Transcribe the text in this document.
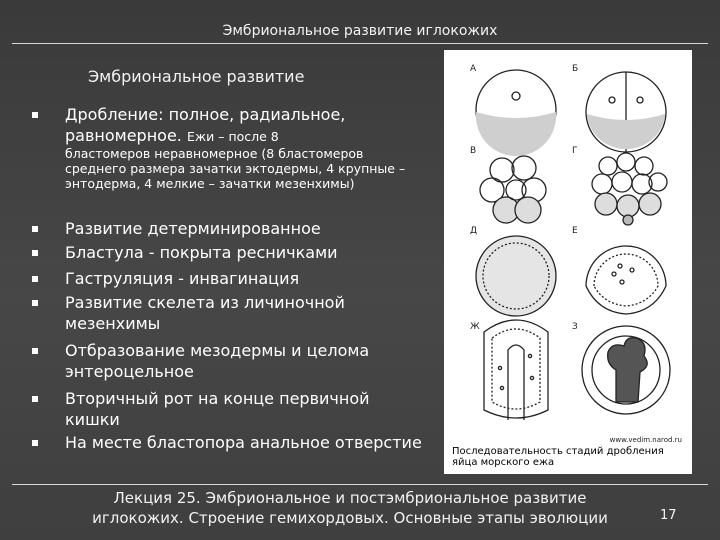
Эмбриональное развитие иглокожих
Эмбриональное развитие
Дробление: полное, радиальное, равномерное. Ежи – после 8
бластомеров неравномерное (8 бластомеров среднего размера зачатки эктодермы, 4 крупные – энтодерма, 4 мелкие – зачатки мезенхимы)
Развитие детерминированное
Бластула - покрыта ресничками
Гаструляция - инвагинация
Развитие скелета из личиночной мезенхимы
Отбразование мезодермы и целома энтероцельное
Вторичный рот на конце первичной кишки
На месте бластопора анальное отверстие
А	Б
В	Г
Д	Е
Ж	З
www.vedim.narod.ru
Последовательность стадий дробления яйца морского ежа
Лекция 25. Эмбриональное и постэмбриональное развитие иглокожих. Строение гемихордовых. Основные этапы эволюции	17
